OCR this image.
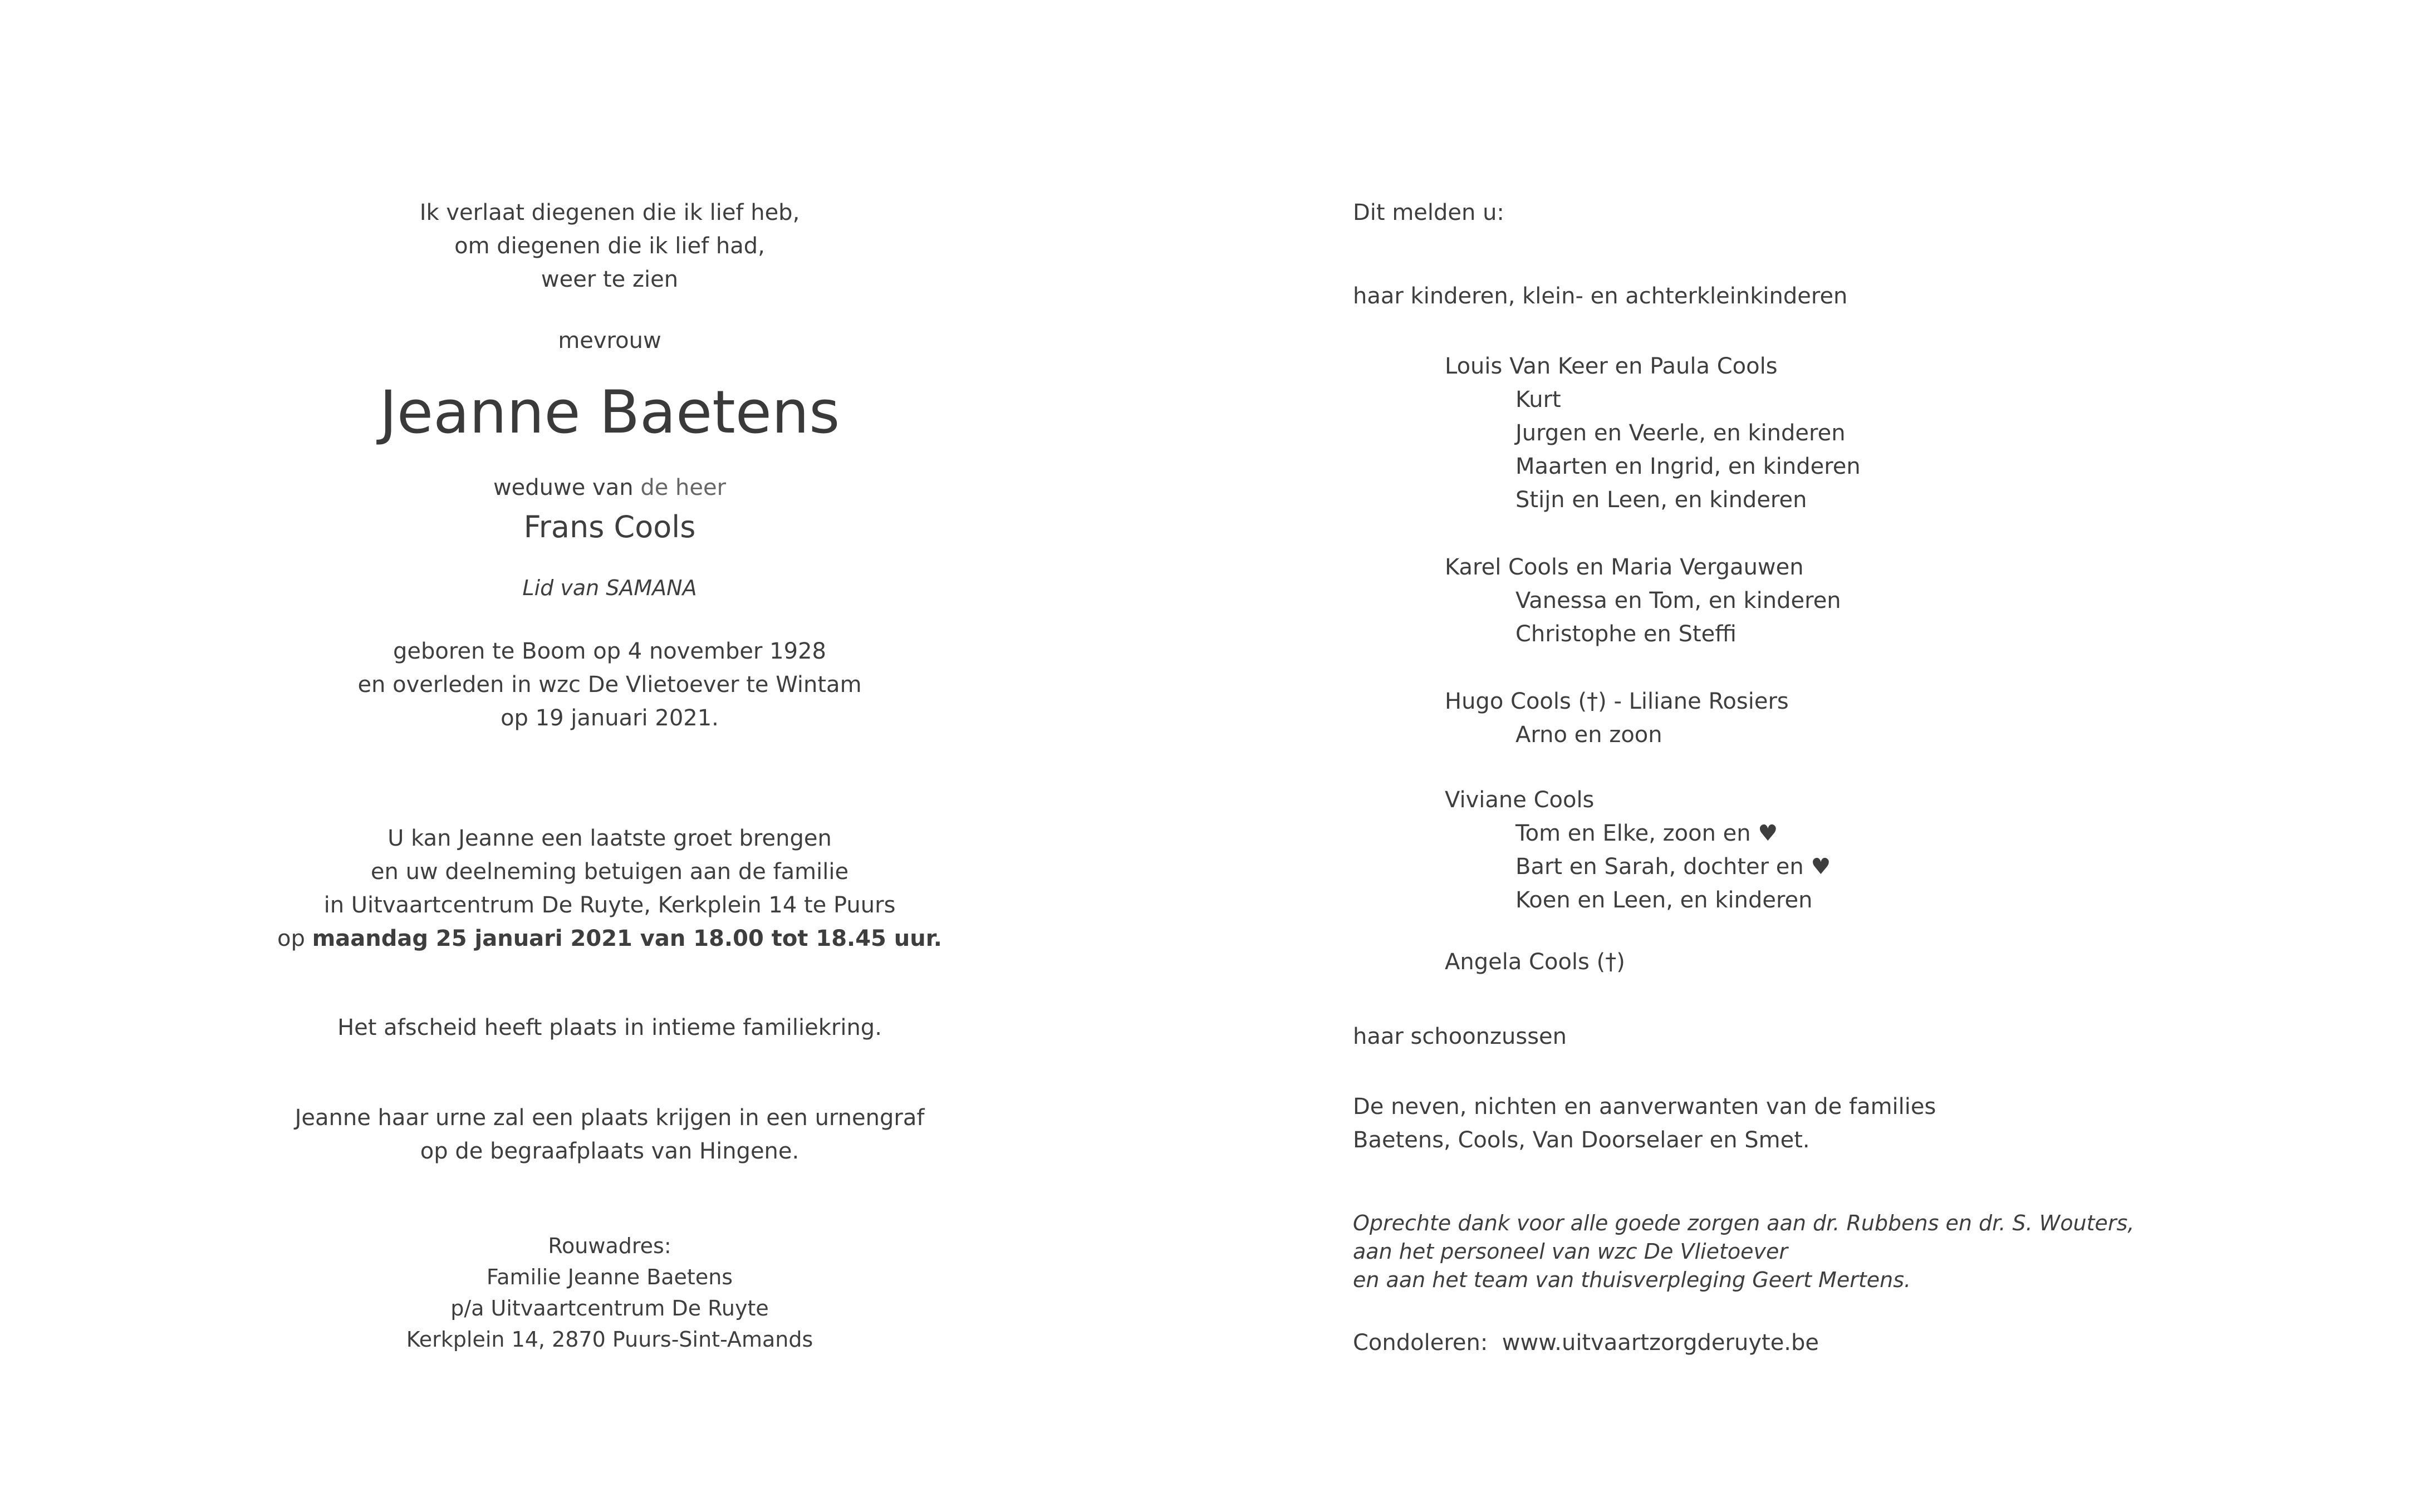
Ik verlaat diegenen die ik lief heb,
om diegenen die ik lief had,
weer te zien
mevrouw
Jeanne Baetens
weduwe van de heer
Frans Cools
Lid van SAMANA
geboren te Boom op 4 november 1928
en overleden in wzc De Vlietoever te Wintam
op 19 januari 2021.
U kan Jeanne een laatste groet brengen
en uw deelneming betuigen aan de familie
in Uitvaartcentrum De Ruyte, Kerkplein 14 te Puurs
op maandag 25 januari 2021 van 18.00 tot 18.45 uur.
Het afscheid heeft plaats in intieme familiekring.
Jeanne haar urne zal een plaats krijgen in een urnengraf
op de begraafplaats van Hingene.
Rouwadres:
Familie Jeanne Baetens
p/a Uitvaartcentrum De Ruyte
Kerkplein 14, 2870 Puurs-Sint-Amands
Dit melden u:
haar kinderen, klein- en achterkleinkinderen
Louis Van Keer en Paula Cools
Kurt
Jurgen en Veerle, en kinderen
Maarten en Ingrid, en kinderen
Stijn en Leen, en kinderen
Karel Cools en Maria Vergauwen
Vanessa en Tom, en kinderen
Christophe en Steffi
Hugo Cools (†) - Liliane Rosiers
Arno en zoon
Viviane Cools
Tom en Elke, zoon en ♥
Bart en Sarah, dochter en ♥
Koen en Leen, en kinderen
Angela Cools (†)
haar schoonzussen
De neven, nichten en aanverwanten van de families
Baetens, Cools, Van Doorselaer en Smet.
Oprechte dank voor alle goede zorgen aan dr. Rubbens en dr. S. Wouters,
aan het personeel van wzc De Vlietoever
en aan het team van thuisverpleging Geert Mertens.
Condoleren: www.uitvaartzorgderuyte.be
